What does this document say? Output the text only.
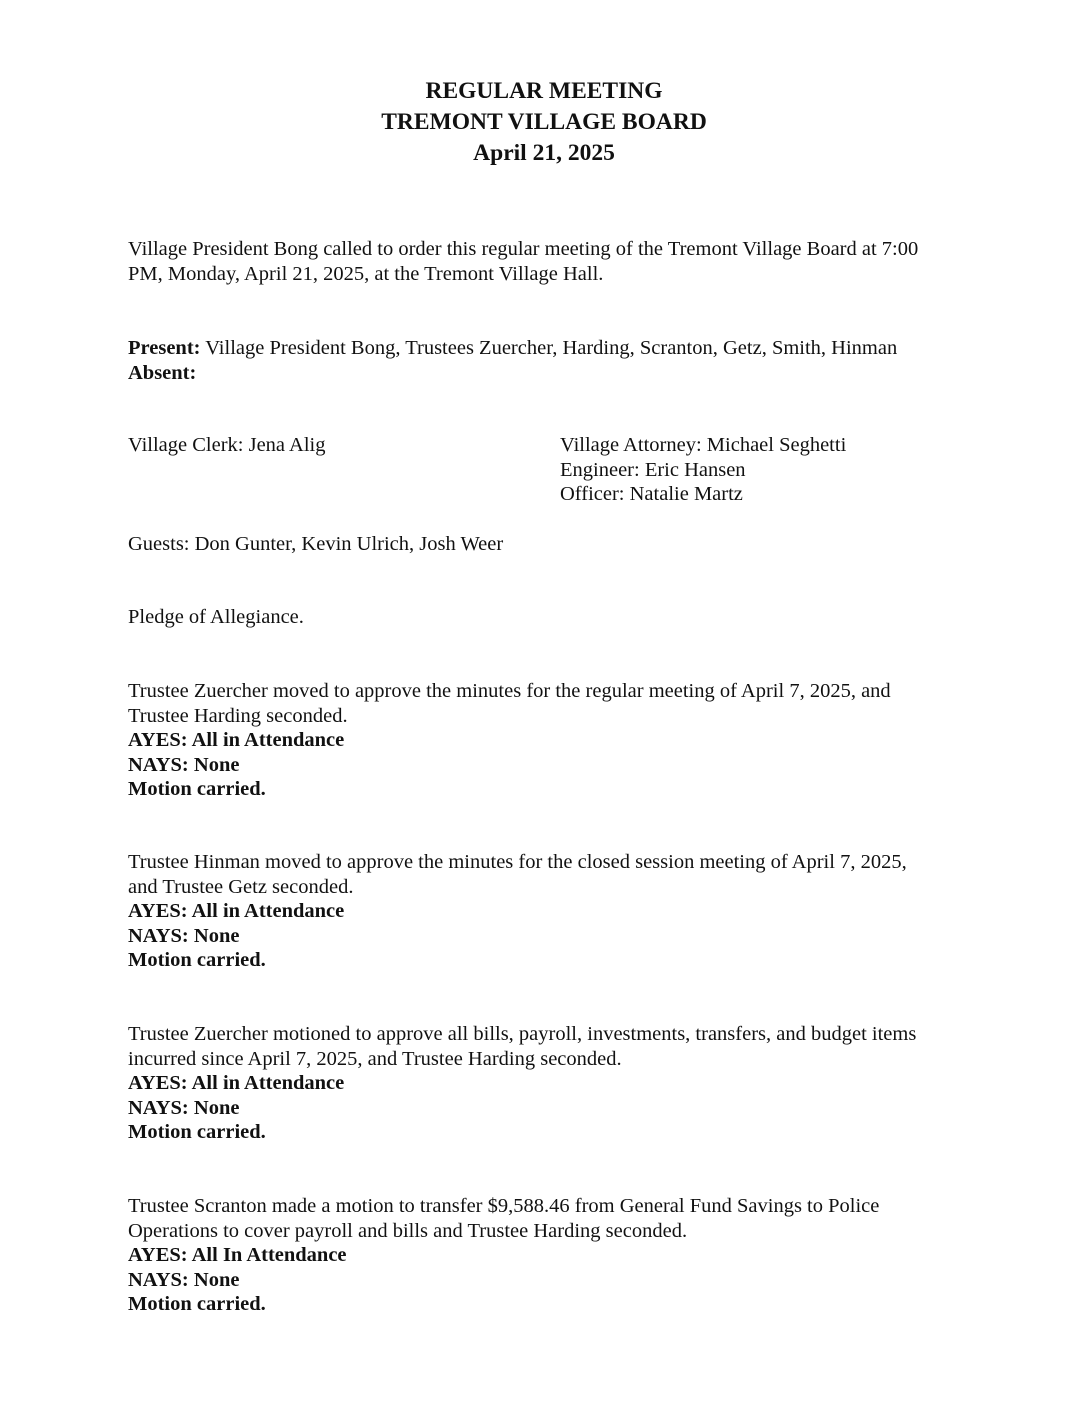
REGULAR MEETING
TREMONT VILLAGE BOARD
April 21, 2025
Village President Bong called to order this regular meeting of the Tremont Village Board at 7:00
PM, Monday, April 21, 2025, at the Tremont Village Hall.
Present: Village President Bong, Trustees Zuercher, Harding, Scranton, Getz, Smith, Hinman
Absent:
Village Clerk: Jena Alig	Village Attorney: Michael Seghetti
Engineer: Eric Hansen
Officer: Natalie Martz
Guests: Don Gunter, Kevin Ulrich, Josh Weer
Pledge of Allegiance.
Trustee Zuercher moved to approve the minutes for the regular meeting of April 7, 2025, and
Trustee Harding seconded.
AYES: All in Attendance
NAYS: None
Motion carried.
Trustee Hinman moved to approve the minutes for the closed session meeting of April 7, 2025,
and Trustee Getz seconded.
AYES: All in Attendance
NAYS: None
Motion carried.
Trustee Zuercher motioned to approve all bills, payroll, investments, transfers, and budget items
incurred since April 7, 2025, and Trustee Harding seconded.
AYES: All in Attendance
NAYS: None
Motion carried.
Trustee Scranton made a motion to transfer $9,588.46 from General Fund Savings to Police
Operations to cover payroll and bills and Trustee Harding seconded.
AYES: All In Attendance
NAYS: None
Motion carried.
